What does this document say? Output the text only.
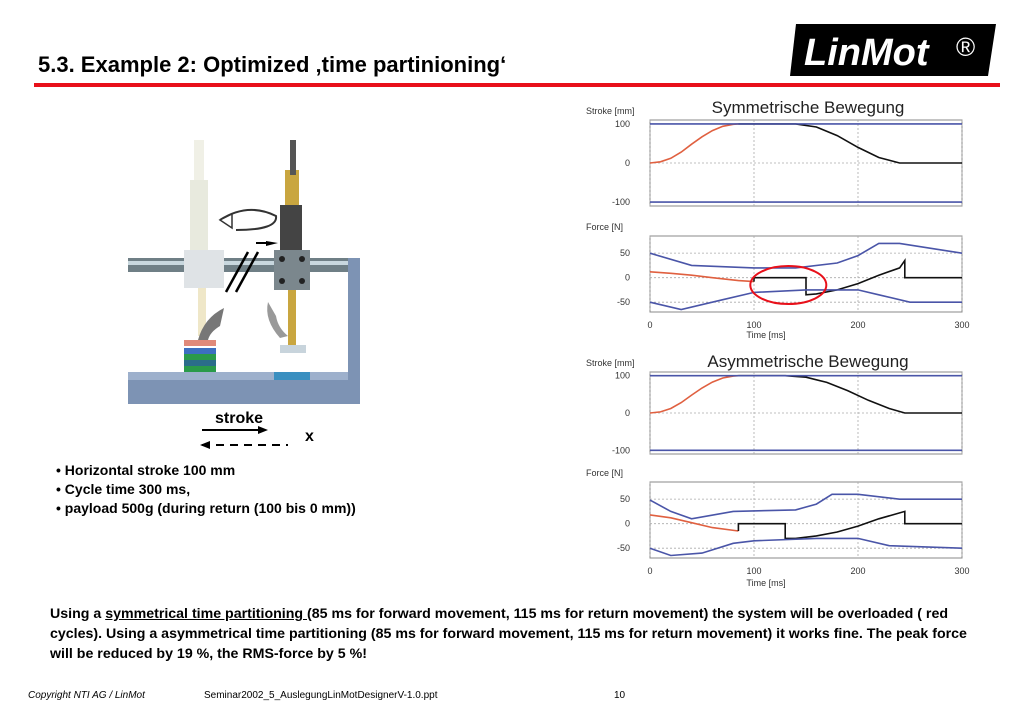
5.3. Example 2: Optimized ‚time partinioning‘	LinMot ®
stroke
x
Symmetrische Bewegung
Stroke [mm]
100
0
-100
Force [N]
50
0
-50
0	100	200	300
Time [ms]
Asymmetrische Bewegung
Stroke [mm]
100
0
-100
Force [N]
50
0
-50
0	100	200	300
Time [ms]
• Horizontal stroke 100 mm
• Cycle time 300 ms,
• payload 500g (during return (100 bis 0 mm))
Using a symmetrical time partitioning (85 ms for forward movement, 115 ms for return movement) the system will be overloaded ( red cycles). Using a asymmetrical time partitioning (85 ms for forward movement, 115 ms for return movement) it works fine. The peak force will be reduced by 19 %, the RMS-force by 5 %!
Copyright NTI AG / LinMot	Seminar2002_5_AuslegungLinMotDesignerV-1.0.ppt	10
